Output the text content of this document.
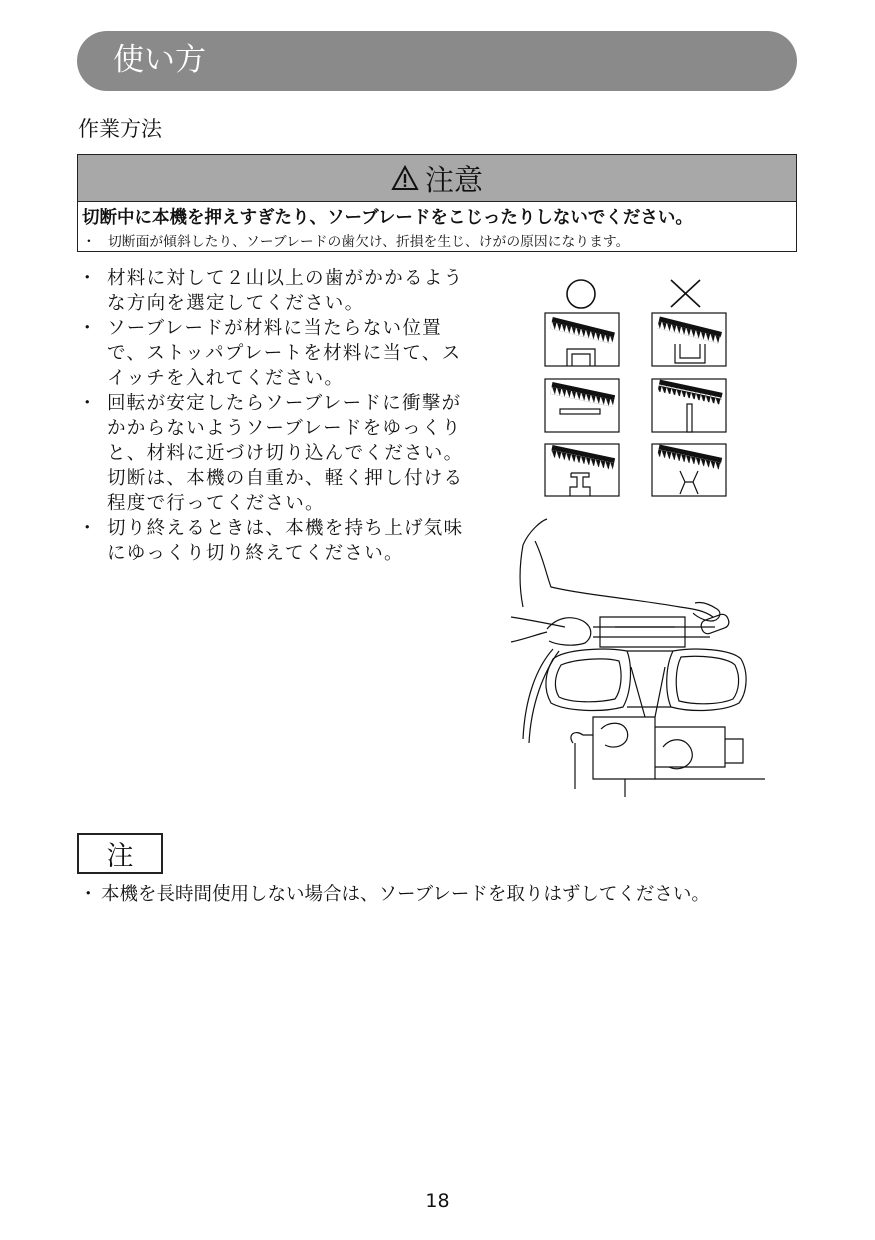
使い方
作業方法
注意
切断中に本機を押えすぎたり、ソーブレードをこじったりしないでください。
・ 切断面が傾斜したり、ソーブレードの歯欠け、折損を生じ、けがの原因になります。
・ 材料に対して２山以上の歯がかかるような方向を選定してください。
・ ソーブレードが材料に当たらない位置で、ストッパプレートを材料に当て、スイッチを入れてください。
・ 回転が安定したらソーブレードに衝撃がかからないようソーブレードをゆっくりと、材料に近づけ切り込んでください。切断は、本機の自重か、軽く押し付ける程度で行ってください。
・ 切り終えるときは、本機を持ち上げ気味にゆっくり切り終えてください。
注
・ 本機を長時間使用しない場合は、ソーブレードを取りはずしてください。
18
